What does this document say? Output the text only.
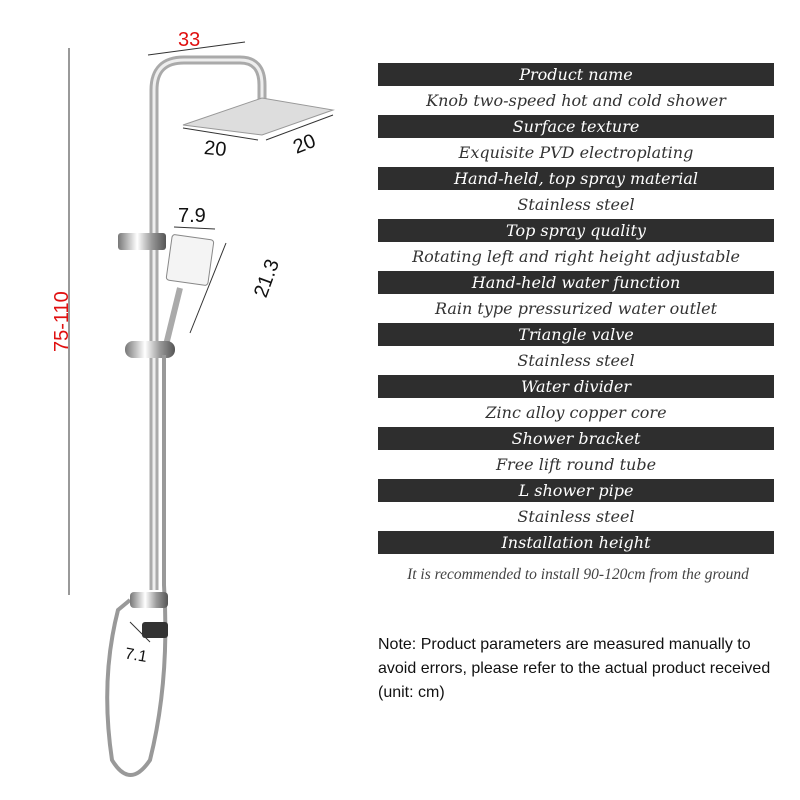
33
20	20
7.9
21.3
75-110
7.1
Product name
Knob two-speed hot and cold shower
Surface texture
Exquisite PVD electroplating
Hand-held, top spray material
Stainless steel
Top spray quality
Rotating left and right height adjustable
Hand-held water function
Rain type pressurized water outlet
Triangle valve
Stainless steel
Water divider
Zinc alloy copper core
Shower bracket
Free lift round tube
L shower pipe
Stainless steel
Installation height
It is recommended to install 90-120cm from the ground
Note: Product parameters are measured manually to avoid errors, please refer to the actual product received (unit: cm)
